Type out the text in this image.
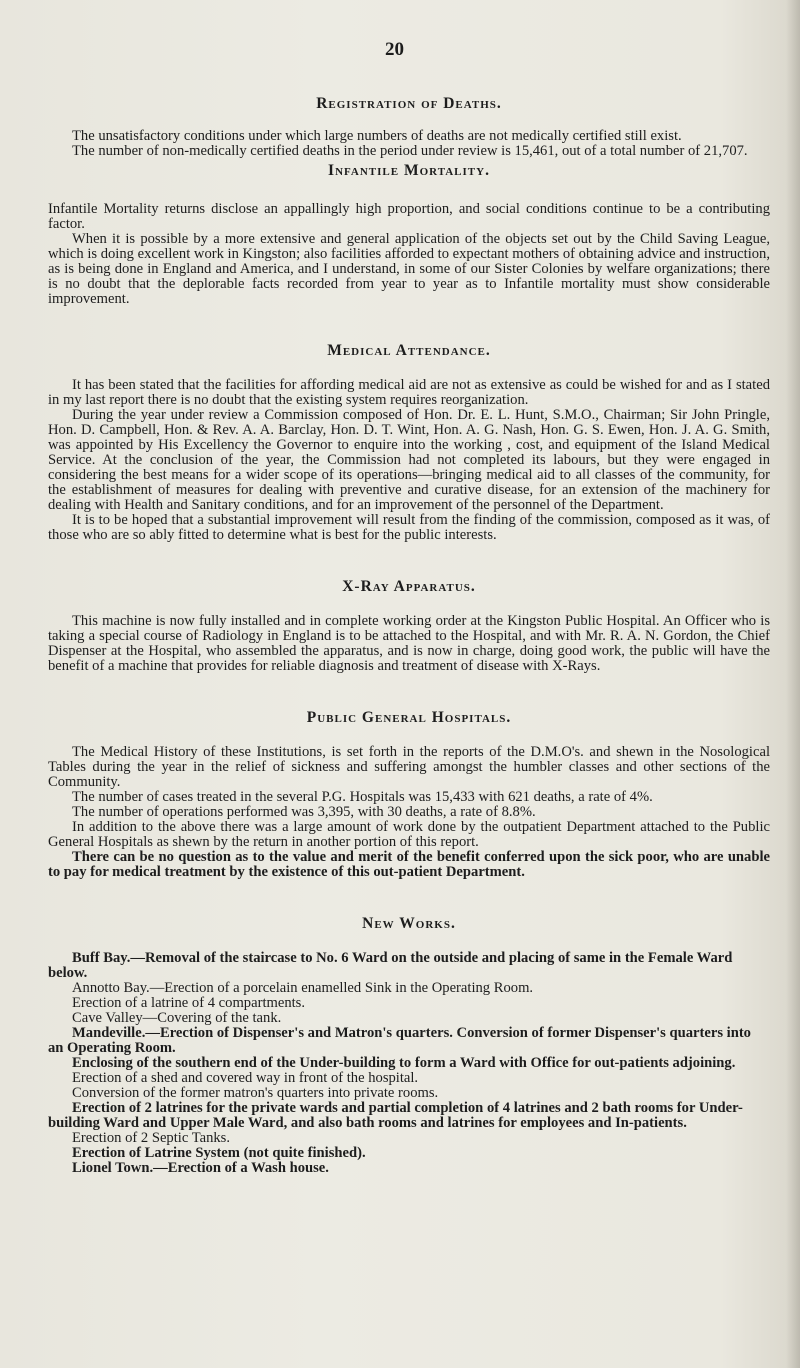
20
Registration of Deaths.

The unsatisfactory conditions under which large numbers of deaths are not medically certified still exist.

The number of non-medically certified deaths in the period under review is 15,461, out of a total number of 21,707.

Infantile Mortality.

Infantile Mortality returns disclose an appallingly high proportion, and social conditions continue to be a contributing factor.

When it is possible by a more extensive and general application of the objects set out by the Child Saving League, which is doing excellent work in Kingston; also facilities afforded to expectant mothers of obtaining advice and instruction, as is being done in England and America, and I understand, in some of our Sister Colonies by welfare organizations; there is no doubt that the deplorable facts recorded from year to year as to Infantile mortality must show considerable improvement.

Medical Attendance.

It has been stated that the facilities for affording medical aid are not as extensive as could be wished for and as I stated in my last report there is no doubt that the existing system requires reorganization.

During the year under review a Commission composed of Hon. Dr. E. L. Hunt, S.M.O., Chairman; Sir John Pringle, Hon. D. Campbell, Hon. & Rev. A. A. Barclay, Hon. D. T. Wint, Hon. A. G. Nash, Hon. G. S. Ewen, Hon. J. A. G. Smith, was appointed by His Excellency the Governor to enquire into the working , cost, and equipment of the Island Medical Service. At the conclusion of the year, the Commission had not completed its labours, but they were engaged in considering the best means for a wider scope of its operations—bringing medical aid to all classes of the community, for the establishment of measures for dealing with preventive and curative disease, for an extension of the machinery for dealing with Health and Sanitary conditions, and for an improvement of the personnel of the Department.

It is to be hoped that a substantial improvement will result from the finding of the commission, composed as it was, of those who are so ably fitted to determine what is best for the public interests.

X-Ray Apparatus.

This machine is now fully installed and in complete working order at the Kingston Public Hospital. An Officer who is taking a special course of Radiology in England is to be attached to the Hospital, and with Mr. R. A. N. Gordon, the Chief Dispenser at the Hospital, who assembled the apparatus, and is now in charge, doing good work, the public will have the benefit of a machine that provides for reliable diagnosis and treatment of disease with X-Rays.

Public General Hospitals.

The Medical History of these Institutions, is set forth in the reports of the D.M.O's. and shewn in the Nosological Tables during the year in the relief of sickness and suffering amongst the humbler classes and other sections of the Community.

The number of cases treated in the several P.G. Hospitals was 15,433 with 621 deaths, a rate of 4%.

The number of operations performed was 3,395, with 30 deaths, a rate of 8.8%.

In addition to the above there was a large amount of work done by the outpatient Department attached to the Public General Hospitals as shewn by the return in another portion of this report.

There can be no question as to the value and merit of the benefit conferred upon the sick poor, who are unable to pay for medical treatment by the existence of this out-patient Department.

New Works.

Buff Bay.—Removal of the staircase to No. 6 Ward on the outside and placing of same in the Female Ward below.

Annotto Bay.—Erection of a porcelain enamelled Sink in the Operating Room.

Erection of a latrine of 4 compartments.

Cave Valley—Covering of the tank.

Mandeville.—Erection of Dispenser's and Matron's quarters. Conversion of former Dispenser's quarters into an Operating Room.

Enclosing of the southern end of the Under-building to form a Ward with Office for out-patients adjoining.

Erection of a shed and covered way in front of the hospital.

Conversion of the former matron's quarters into private rooms.

Erection of 2 latrines for the private wards and partial completion of 4 latrines and 2 bath rooms for Under-building Ward and Upper Male Ward, and also bath rooms and latrines for employees and In-patients.

Erection of 2 Septic Tanks.

Erection of Latrine System (not quite finished).

Lionel Town.—Erection of a Wash house.
